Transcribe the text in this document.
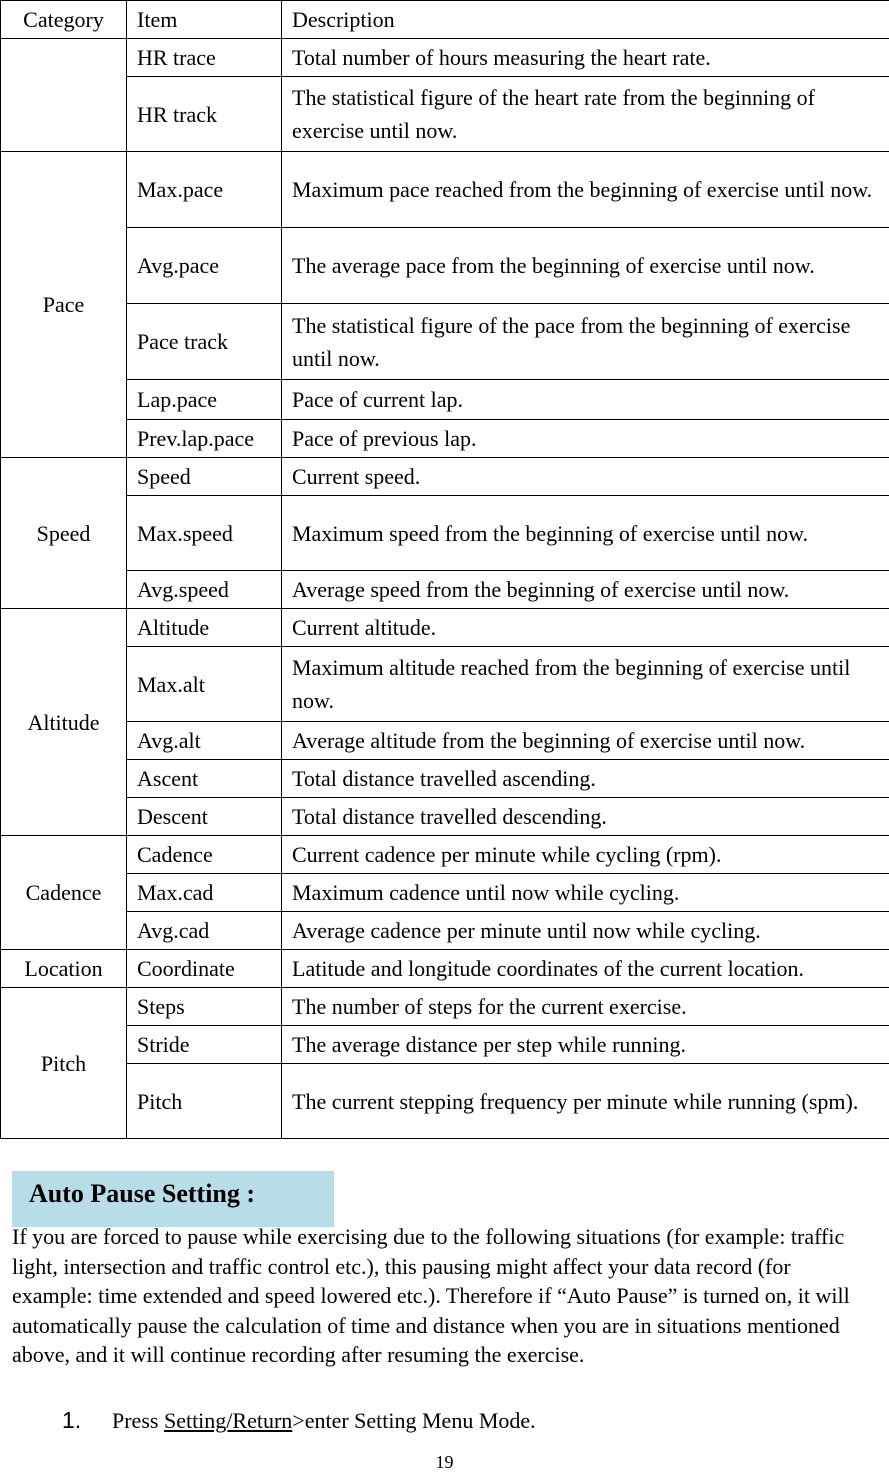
Category	Item	Description
	HR trace	Total number of hours measuring the heart rate.
	HR track	The statistical figure of the heart rate from the beginning of exercise until now.
Pace	Max.pace	Maximum pace reached from the beginning of exercise until now.
	Avg.pace	The average pace from the beginning of exercise until now.
	Pace track	The statistical figure of the pace from the beginning of exercise until now.
	Lap.pace	Pace of current lap.
	Prev.lap.pace	Pace of previous lap.
Speed	Speed	Current speed.
	Max.speed	Maximum speed from the beginning of exercise until now.
	Avg.speed	Average speed from the beginning of exercise until now.
Altitude	Altitude	Current altitude.
	Max.alt	Maximum altitude reached from the beginning of exercise until now.
	Avg.alt	Average altitude from the beginning of exercise until now.
	Ascent	Total distance travelled ascending.
	Descent	Total distance travelled descending.
Cadence	Cadence	Current cadence per minute while cycling (rpm).
	Max.cad	Maximum cadence until now while cycling.
	Avg.cad	Average cadence per minute until now while cycling.
Location	Coordinate	Latitude and longitude coordinates of the current location.
Pitch	Steps	The number of steps for the current exercise.
	Stride	The average distance per step while running.
	Pitch	The current stepping frequency per minute while running (spm).
Auto Pause Setting :

If you are forced to pause while exercising due to the following situations (for example: traffic light, intersection and traffic control etc.), this pausing might affect your data record (for example: time extended and speed lowered etc.). Therefore if “Auto Pause” is turned on, it will automatically pause the calculation of time and distance when you are in situations mentioned above, and it will continue recording after resuming the exercise.

1. Press Setting/Return>enter Setting Menu Mode.
19
